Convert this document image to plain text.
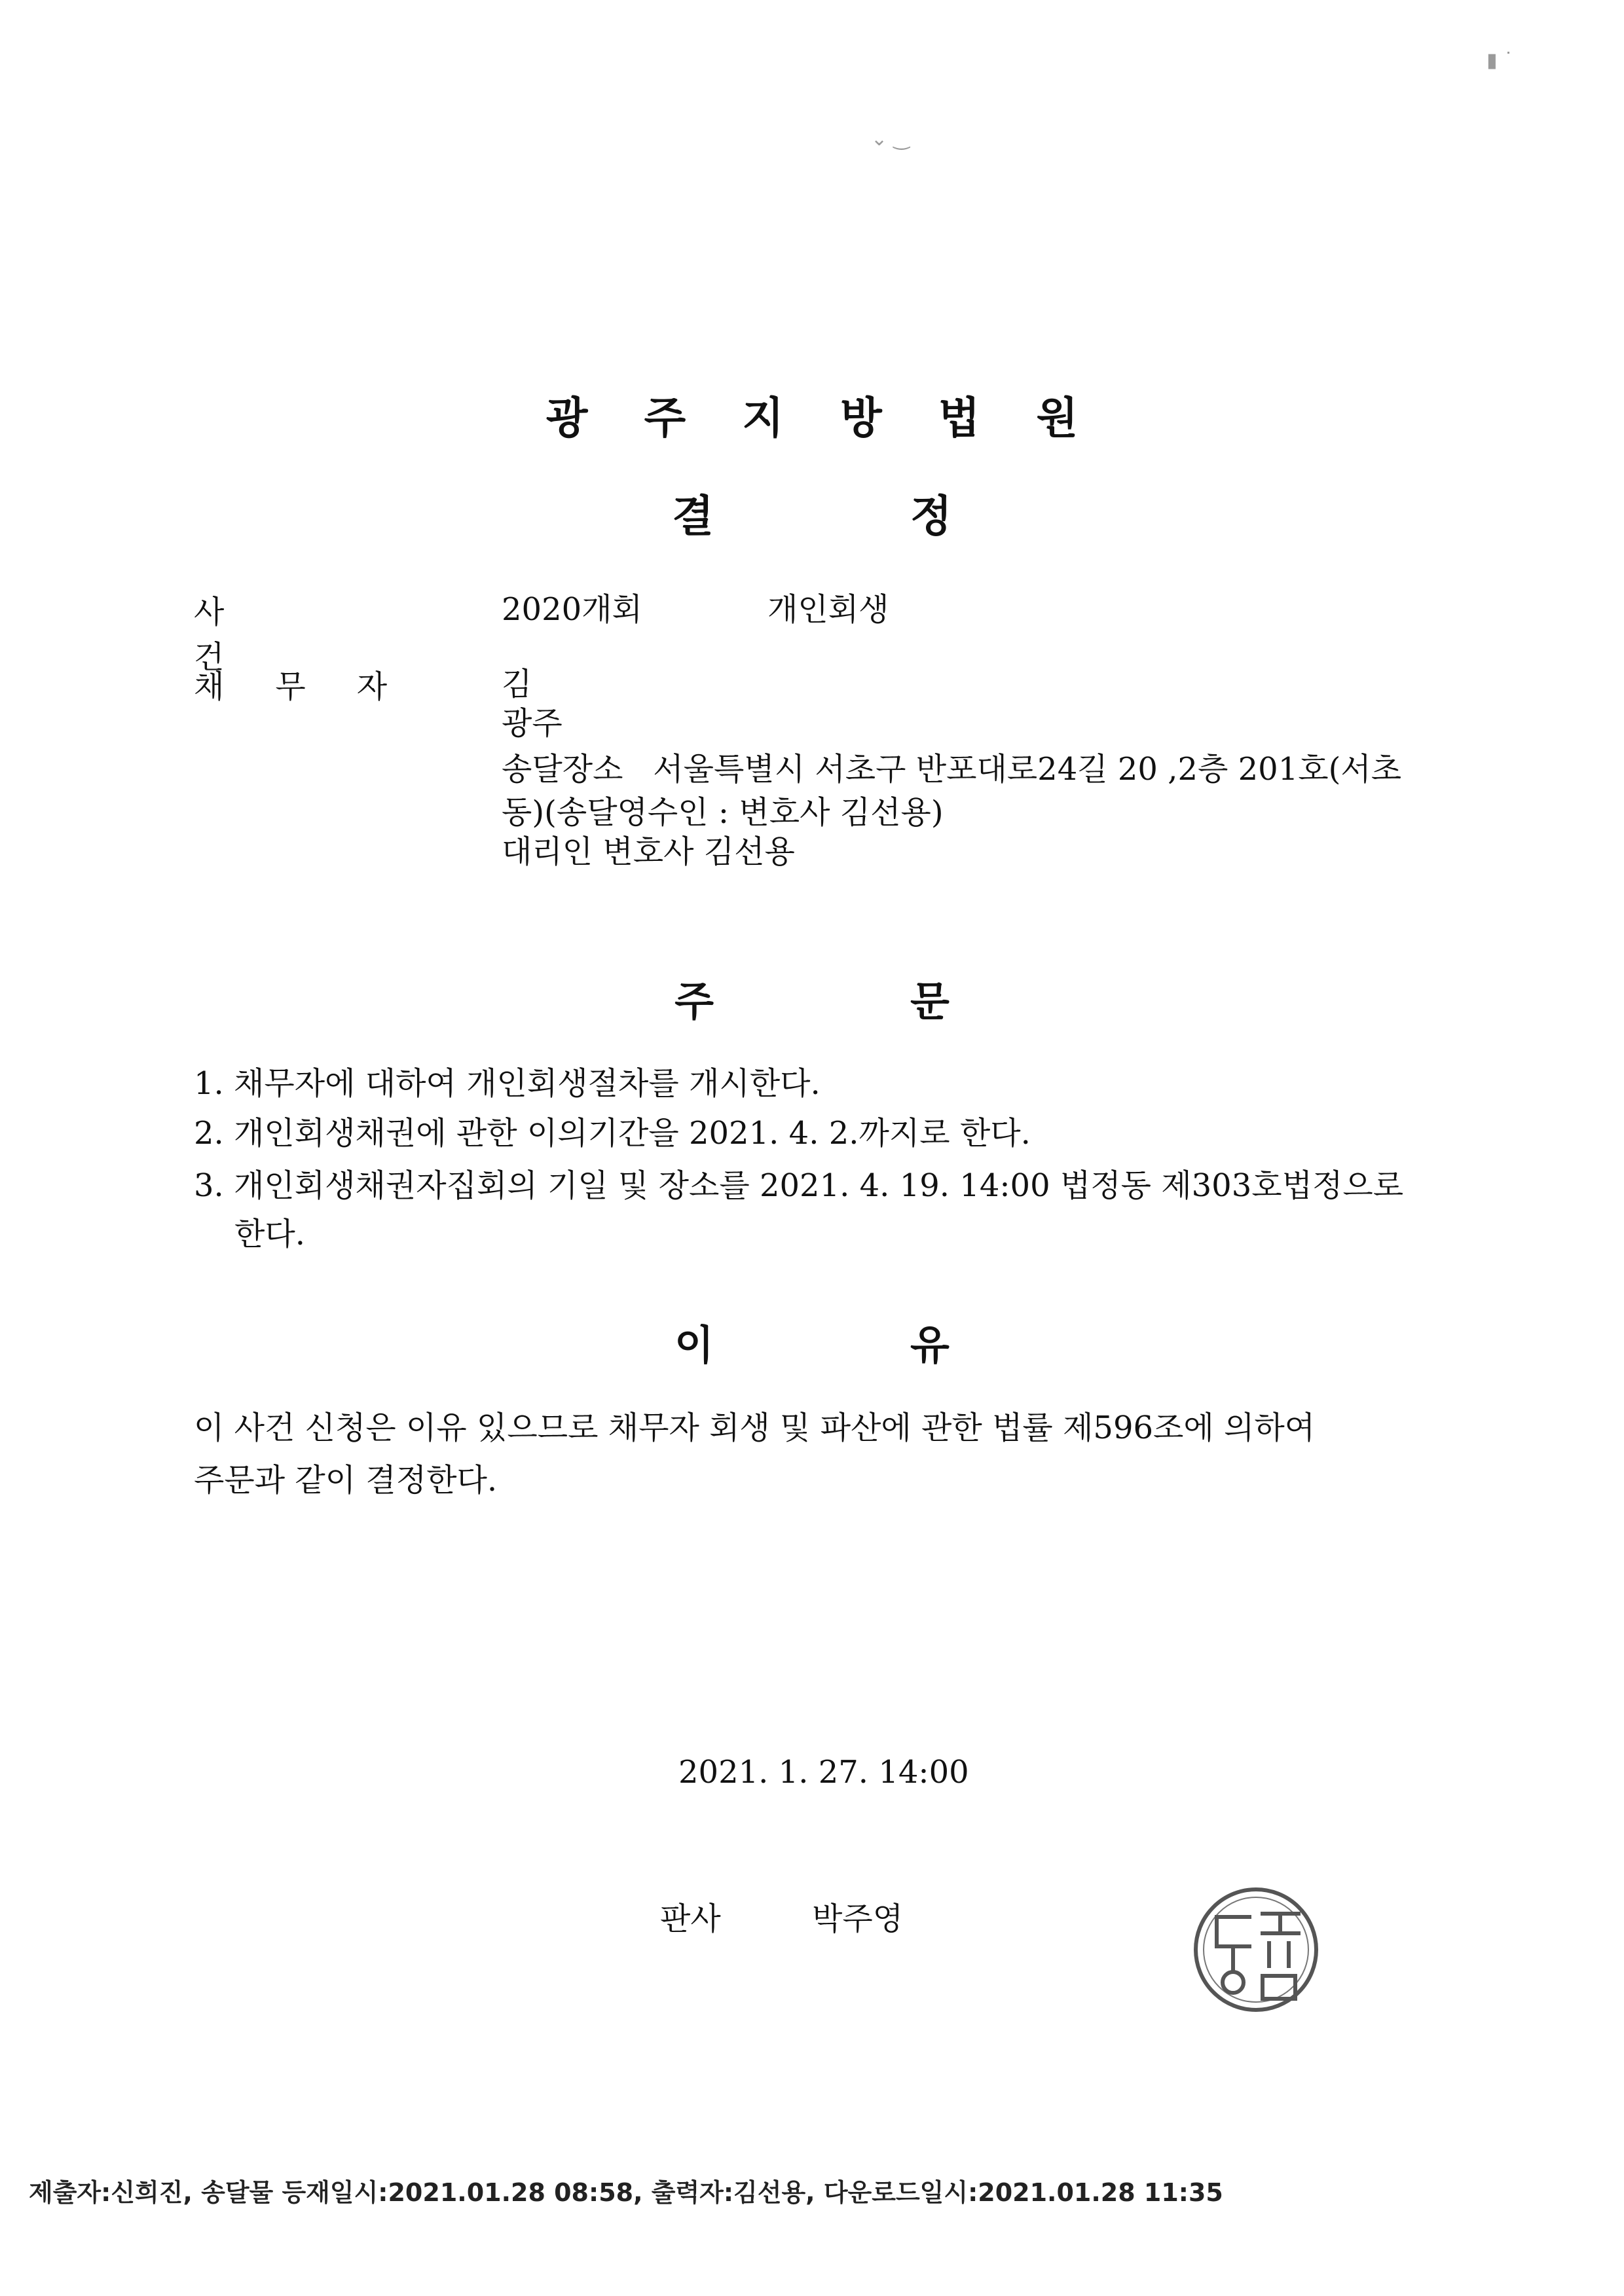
▮ ˙
⌄ ‿
광주지방법원
결정
사건
2020개회	개인회생
채무자 김
광주
송달장소   서울특별시 서초구 반포대로24길 20 ,2층 201호(서초
동)(송달영수인 : 변호사 김선용)
대리인 변호사 김선용
주문
1. 채무자에 대하여 개인회생절차를 개시한다.
2. 개인회생채권에 관한 이의기간을 2021. 4. 2.까지로 한다.
3. 개인회생채권자집회의 기일 및 장소를 2021. 4. 19. 14:00 법정동 제303호법정으로
한다.
이유
이 사건 신청은 이유 있으므로 채무자 회생 및 파산에 관한 법률 제596조에 의하여
주문과 같이 결정한다.
2021. 1. 27. 14:00
판사	박주영
제출자:신희진, 송달물 등재일시:2021.01.28 08:58, 출력자:김선용, 다운로드일시:2021.01.28 11:35
